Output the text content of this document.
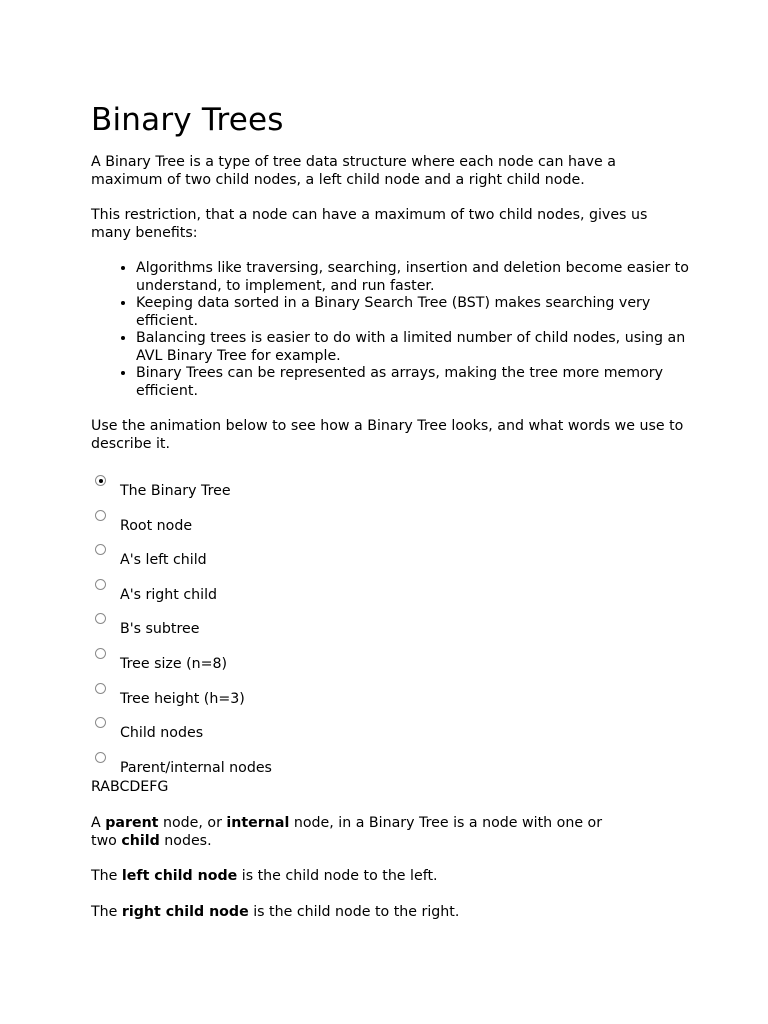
Binary Trees

A Binary Tree is a type of tree data structure where each node can have a maximum of two child nodes, a left child node and a right child node.

This restriction, that a node can have a maximum of two child nodes, gives us many benefits:

• Algorithms like traversing, searching, insertion and deletion become easier to understand, to implement, and run faster.
• Keeping data sorted in a Binary Search Tree (BST) makes searching very efficient.
• Balancing trees is easier to do with a limited number of child nodes, using an AVL Binary Tree for example.
• Binary Trees can be represented as arrays, making the tree more memory efficient.

Use the animation below to see how a Binary Tree looks, and what words we use to describe it.

The Binary Tree
Root node
A's left child
A's right child
B's subtree
Tree size (n=8)
Tree height (h=3)
Child nodes
Parent/internal nodes
RABCDEFG

A parent node, or internal node, in a Binary Tree is a node with one or two child nodes.

The left child node is the child node to the left.

The right child node is the child node to the right.
